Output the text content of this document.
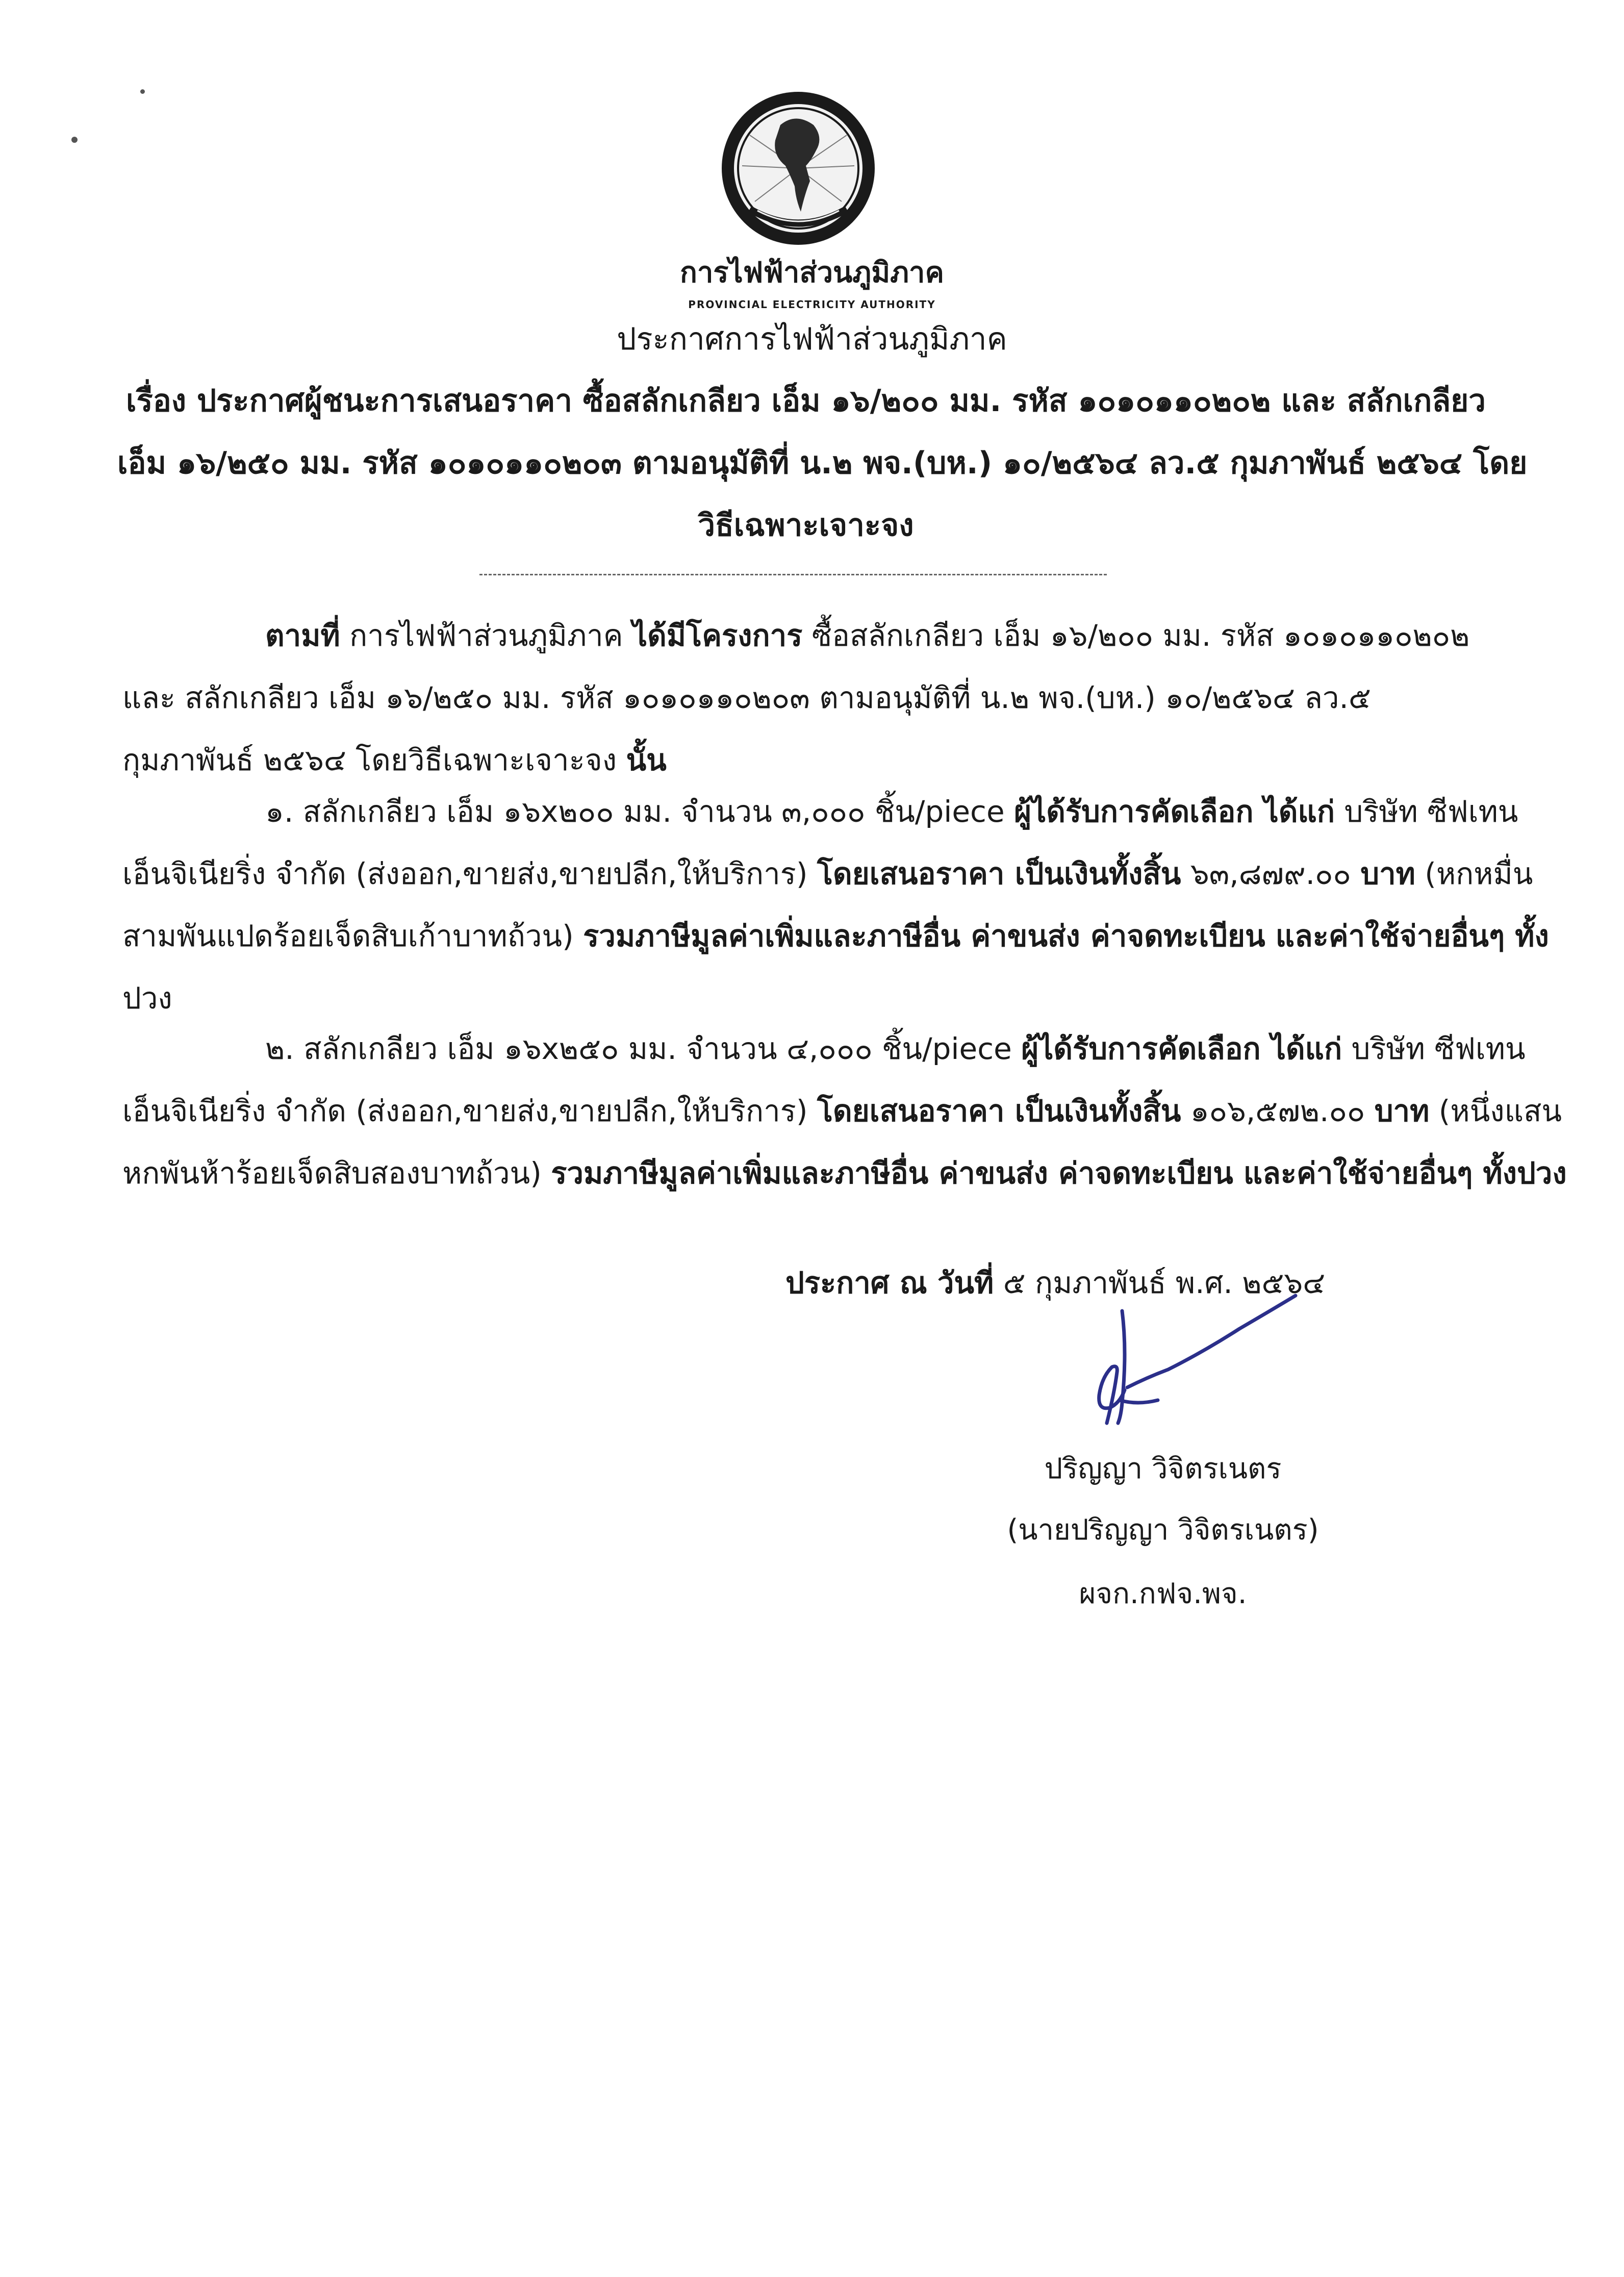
การไฟฟ้าส่วนภูมิภาค
PROVINCIAL ELECTRICITY AUTHORITY
ประกาศการไฟฟ้าส่วนภูมิภาค
เรื่อง ประกาศผู้ชนะการเสนอราคา ซื้อสลักเกลียว เอ็ม ๑๖/๒๐๐ มม. รหัส ๑๐๑๐๑๑๐๒๐๒ และ สลักเกลียว
เอ็ม ๑๖/๒๕๐ มม. รหัส ๑๐๑๐๑๑๐๒๐๓ ตามอนุมัติที่ น.๒ พจ.(บห.) ๑๐/๒๕๖๔ ลว.๕ กุมภาพันธ์ ๒๕๖๔ โดย
วิธีเฉพาะเจาะจง
ตามที่ การไฟฟ้าส่วนภูมิภาค ได้มีโครงการ ซื้อสลักเกลียว เอ็ม ๑๖/๒๐๐ มม. รหัส ๑๐๑๐๑๑๐๒๐๒
และ สลักเกลียว เอ็ม ๑๖/๒๕๐ มม. รหัส ๑๐๑๐๑๑๐๒๐๓ ตามอนุมัติที่ น.๒ พจ.(บห.) ๑๐/๒๕๖๔ ลว.๕
กุมภาพันธ์ ๒๕๖๔ โดยวิธีเฉพาะเจาะจง นั้น
๑. สลักเกลียว เอ็ม ๑๖x๒๐๐ มม. จำนวน ๓,๐๐๐ ชิ้น/piece ผู้ได้รับการคัดเลือก ได้แก่ บริษัท ซีฟเทน
เอ็นจิเนียริ่ง จำกัด (ส่งออก,ขายส่ง,ขายปลีก,ให้บริการ) โดยเสนอราคา เป็นเงินทั้งสิ้น ๖๓,๘๗๙.๐๐ บาท (หกหมื่น
สามพันแปดร้อยเจ็ดสิบเก้าบาทถ้วน) รวมภาษีมูลค่าเพิ่มและภาษีอื่น ค่าขนส่ง ค่าจดทะเบียน และค่าใช้จ่ายอื่นๆ ทั้ง
ปวง
๒. สลักเกลียว เอ็ม ๑๖x๒๕๐ มม. จำนวน ๔,๐๐๐ ชิ้น/piece ผู้ได้รับการคัดเลือก ได้แก่ บริษัท ซีฟเทน
เอ็นจิเนียริ่ง จำกัด (ส่งออก,ขายส่ง,ขายปลีก,ให้บริการ) โดยเสนอราคา เป็นเงินทั้งสิ้น ๑๐๖,๕๗๒.๐๐ บาท (หนึ่งแสน
หกพันห้าร้อยเจ็ดสิบสองบาทถ้วน) รวมภาษีมูลค่าเพิ่มและภาษีอื่น ค่าขนส่ง ค่าจดทะเบียน และค่าใช้จ่ายอื่นๆ ทั้งปวง
ประกาศ ณ วันที่ ๕ กุมภาพันธ์ พ.ศ. ๒๕๖๔
ปริญญา วิจิตรเนตร
(นายปริญญา วิจิตรเนตร)
ผจก.กฟจ.พจ.
